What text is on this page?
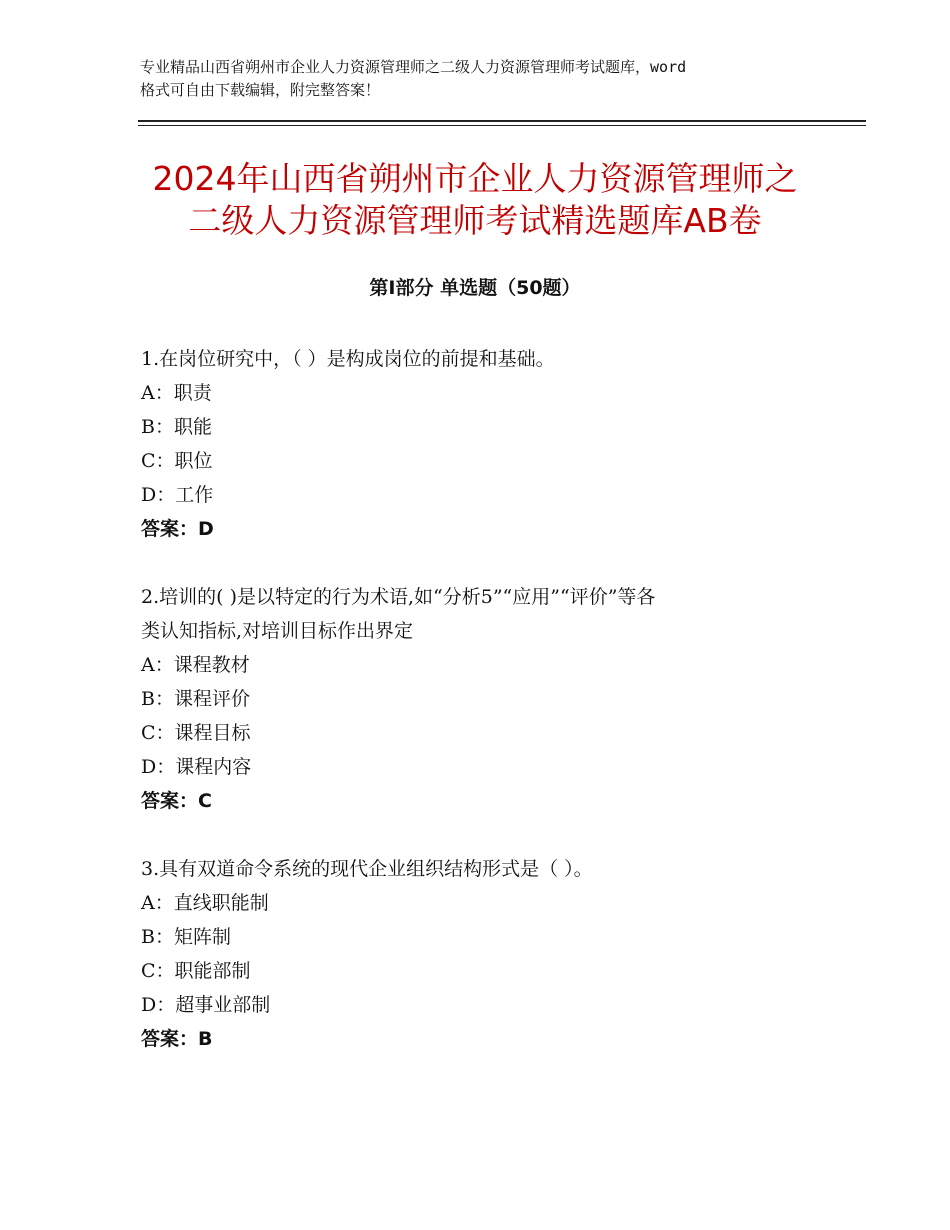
专业精品山西省朔州市企业人力资源管理师之二级人力资源管理师考试题库，word
格式可自由下载编辑，附完整答案！
2024年山西省朔州市企业人力资源管理师之
二级人力资源管理师考试精选题库AB卷
第Ⅰ部分 单选题（50题）
1.在岗位研究中，（ ）是构成岗位的前提和基础。
A：职责
B：职能
C：职位
D：工作
答案：D
2.培训的( )是以特定的行为术语,如“分析5”“应用”“评价”等各
类认知指标,对培训目标作出界定
A：课程教材
B：课程评价
C：课程目标
D：课程内容
答案：C
3.具有双道命令系统的现代企业组织结构形式是（ ）。
A：直线职能制
B：矩阵制
C：职能部制
D：超事业部制
答案：B
